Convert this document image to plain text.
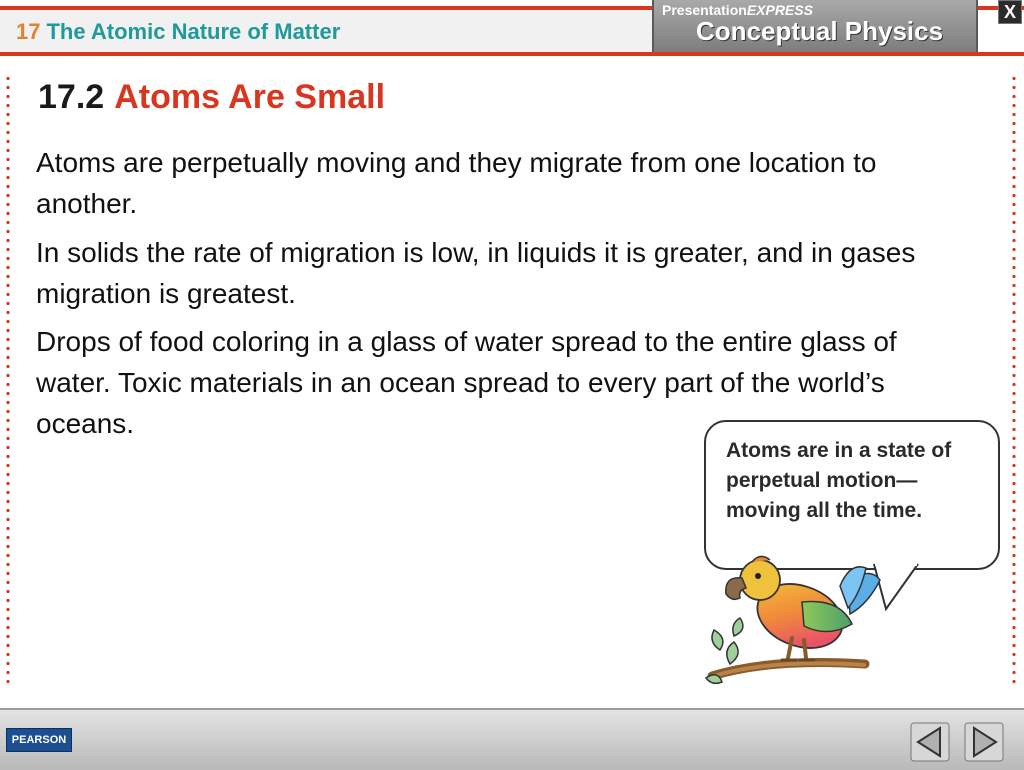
17 The Atomic Nature of Matter
PresentationEXPRESS
Conceptual Physics
X
17.2 Atoms Are Small
Atoms are perpetually moving and they migrate from one location to another.
In solids the rate of migration is low, in liquids it is greater, and in gases migration is greatest.
Drops of food coloring in a glass of water spread to the entire glass of water. Toxic materials in an ocean spread to every part of the world’s oceans.
Atoms are in a state of perpetual motion—moving all the time.
PEARSON
